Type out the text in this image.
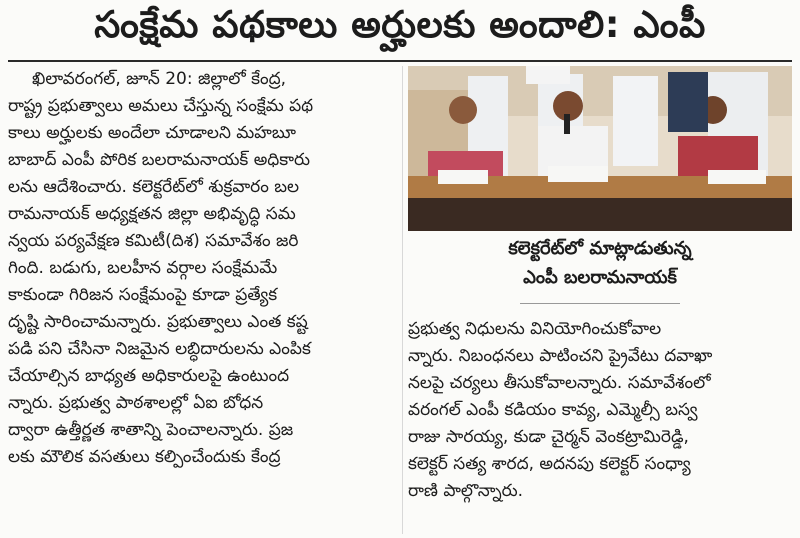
సంక్షేమ పథకాలు అర్హులకు అందాలి: ఎంపీ
ఖిలావరంగల్, జూన్ 20: జిల్లాలో కేంద్ర,
రాష్ట్ర ప్రభుత్వాలు అమలు చేస్తున్న సంక్షేమ పథ
కాలు అర్హులకు అందేలా చూడాలని మహబూ
బాబాద్ ఎంపీ పోరిక బలరామనాయక్ అధికారు
లను ఆదేశించారు. కలెక్టరేట్‌లో శుక్రవారం బల
రామనాయక్ అధ్యక్షతన జిల్లా అభివృద్ధి సమ
న్వయ పర్యవేక్షణ కమిటీ(దిశ) సమావేశం జరి
గింది. బడుగు, బలహీన వర్గాల సంక్షేమమే
కాకుండా గిరిజన సంక్షేమంపై కూడా ప్రత్యేక
దృష్టి సారించామన్నారు. ప్రభుత్వాలు ఎంత కష్ట
పడి పని చేసినా నిజమైన లబ్ధిదారులను ఎంపిక
చేయాల్సిన బాధ్యత అధికారులపై ఉంటుంద
న్నారు. ప్రభుత్వ పాఠశాలల్లో ఏఐ బోధన
ద్వారా ఉత్తీర్ణత శాతాన్ని పెంచాలన్నారు. ప్రజ
లకు మౌలిక వసతులు కల్పించేందుకు కేంద్ర
కలెక్టరేట్‌లో మాట్లాడుతున్న
ఎంపీ బలరామనాయక్
ప్రభుత్వ నిధులను వినియోగించుకోవాల
న్నారు. నిబంధనలు పాటించని ప్రైవేటు దవాఖా
నలపై చర్యలు తీసుకోవాలన్నారు. సమావేశంలో
వరంగల్ ఎంపీ కడియం కావ్య, ఎమ్మెల్సీ బస్వ
రాజు సారయ్య, కుడా చైర్మన్ వెంకట్రామిరెడ్డి,
కలెక్టర్ సత్య శారద, అదనపు కలెక్టర్ సంధ్యా
రాణి పాల్గొన్నారు.
